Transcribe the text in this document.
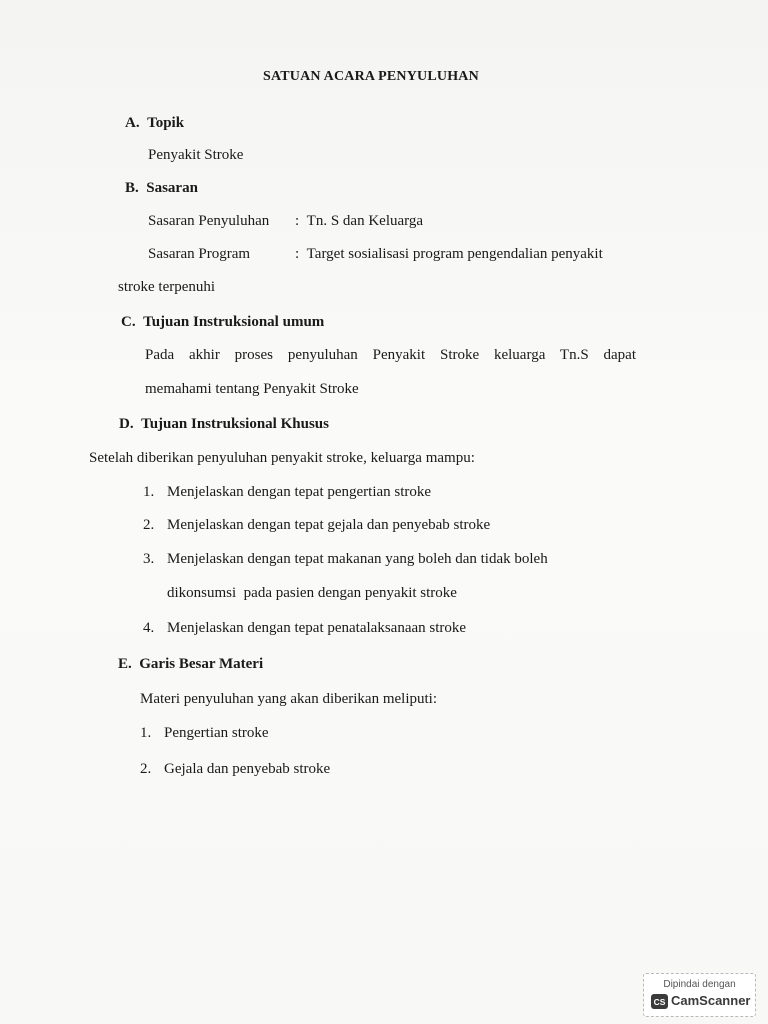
SATUAN ACARA PENYULUHAN
A.  Topik
Penyakit Stroke
B.  Sasaran
Sasaran Penyuluhan :  Tn. S dan Keluarga
Sasaran Program	:  Target sosialisasi program pengendalian penyakit
stroke terpenuhi
C.  Tujuan Instruksional umum
Pada akhir proses penyuluhan Penyakit Stroke keluarga Tn.S dapat
memahami tentang Penyakit Stroke
D.  Tujuan Instruksional Khusus
Setelah diberikan penyuluhan penyakit stroke, keluarga mampu:
1. Menjelaskan dengan tepat pengertian stroke
2. Menjelaskan dengan tepat gejala dan penyebab stroke
3. Menjelaskan dengan tepat makanan yang boleh dan tidak boleh
dikonsumsi  pada pasien dengan penyakit stroke
4. Menjelaskan dengan tepat penatalaksanaan stroke
E.  Garis Besar Materi
Materi penyuluhan yang akan diberikan meliputi:
1. Pengertian stroke
2. Gejala dan penyebab stroke
Dipindai dengan
CS CamScanner
